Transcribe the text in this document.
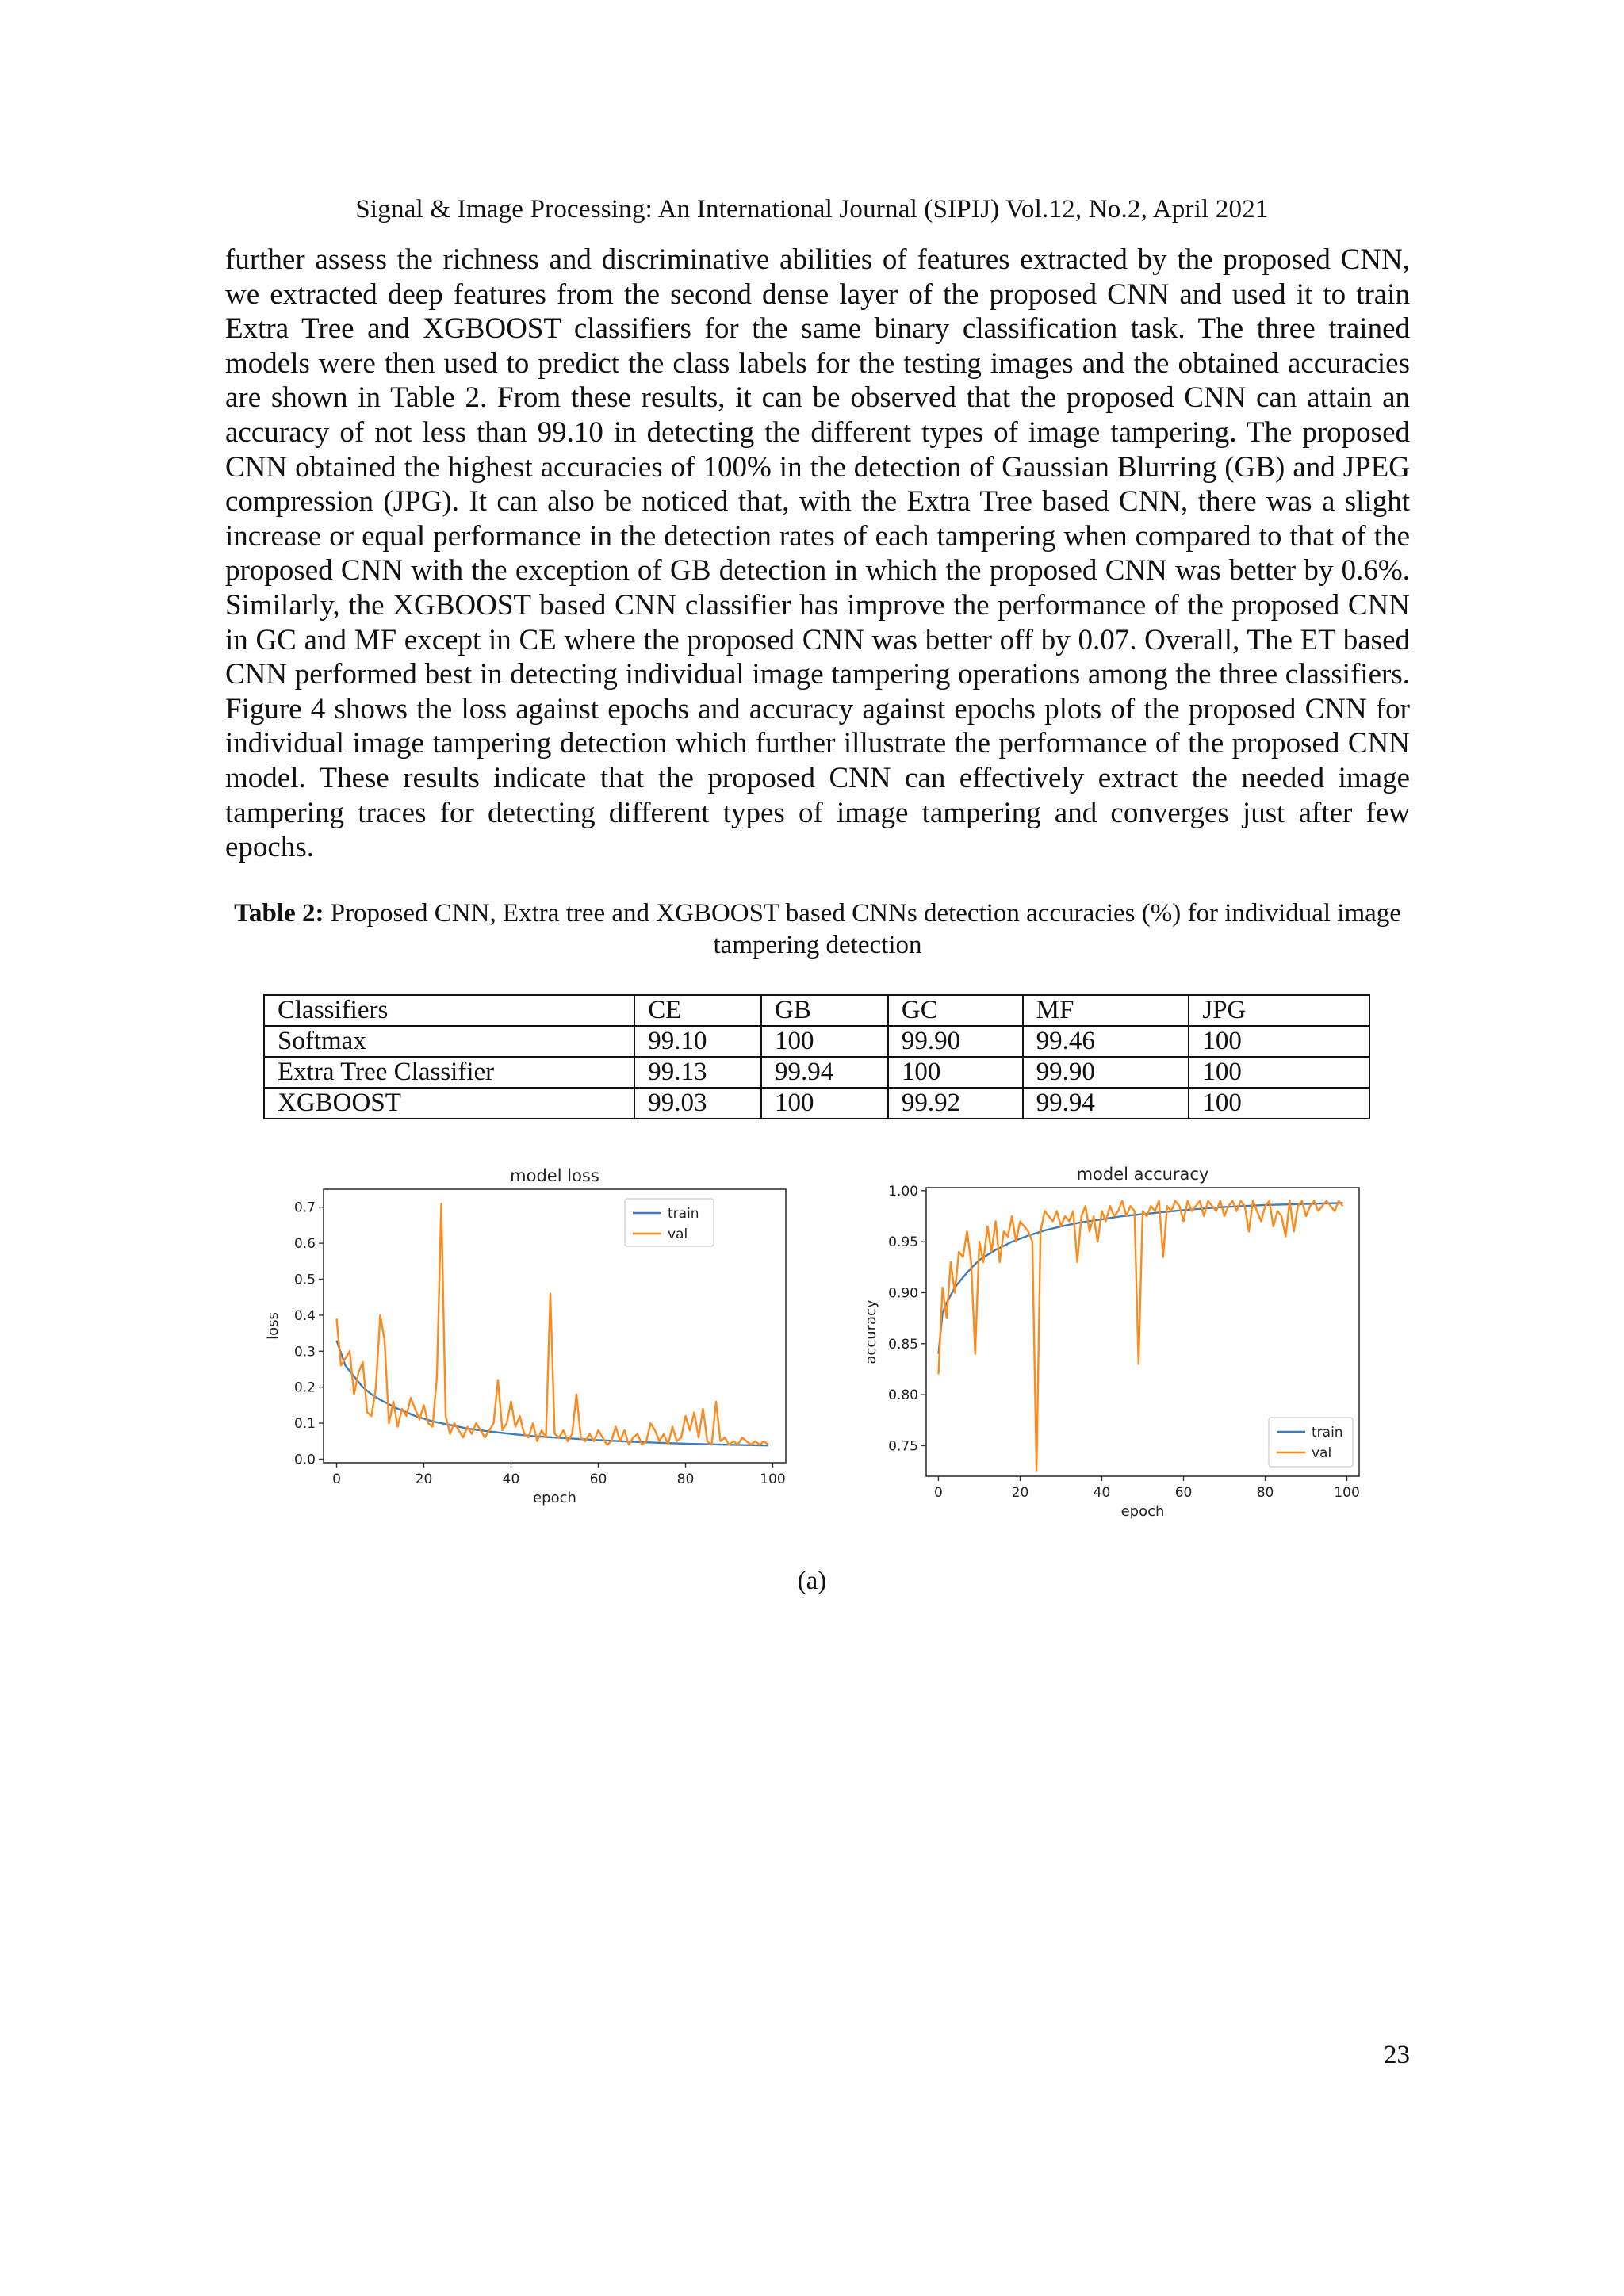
Signal & Image Processing: An International Journal (SIPIJ) Vol.12, No.2, April 2021
further assess the richness and discriminative abilities of features extracted by the proposed CNN, we extracted deep features from the second dense layer of the proposed CNN and used it to train Extra Tree and XGBOOST classifiers for the same binary classification task. The three trained models were then used to predict the class labels for the testing images and the obtained accuracies are shown in Table 2. From these results, it can be observed that the proposed CNN can attain an accuracy of not less than 99.10 in detecting the different types of image tampering. The proposed CNN obtained the highest accuracies of 100% in the detection of Gaussian Blurring (GB) and JPEG compression (JPG). It can also be noticed that, with the Extra Tree based CNN, there was a slight increase or equal performance in the detection rates of each tampering when compared to that of the proposed CNN with the exception of GB detection in which the proposed CNN was better by 0.6%. Similarly, the XGBOOST based CNN classifier has improve the performance of the proposed CNN in GC and MF except in CE where the proposed CNN was better off by 0.07. Overall, The ET based CNN performed best in detecting individual image tampering operations among the three classifiers. Figure 4 shows the loss against epochs and accuracy against epochs plots of the proposed CNN for individual image tampering detection which further illustrate the performance of the proposed CNN model. These results indicate that the proposed CNN can effectively extract the needed image tampering traces for detecting different types of image tampering and converges just after few epochs.
Table 2: Proposed CNN, Extra tree and XGBOOST based CNNs detection accuracies (%) for individual image tampering detection
Classifiers	CE	GB	GC	MF	JPG
Softmax	99.10	100	99.90	99.46	100
Extra Tree Classifier	99.13	99.94	100	99.90	100
XGBOOST	99.03	100	99.92	99.94	100
0	20	40	60	80	100
0.0
0.1
0.2
0.3
0.4
0.5
0.6
0.7
model loss
epoch
loss
train
val
0	20	40	60	80	100
0.75
0.80
0.85
0.90
0.95
1.00
model accuracy
epoch
accuracy
train
val
(a)
23
